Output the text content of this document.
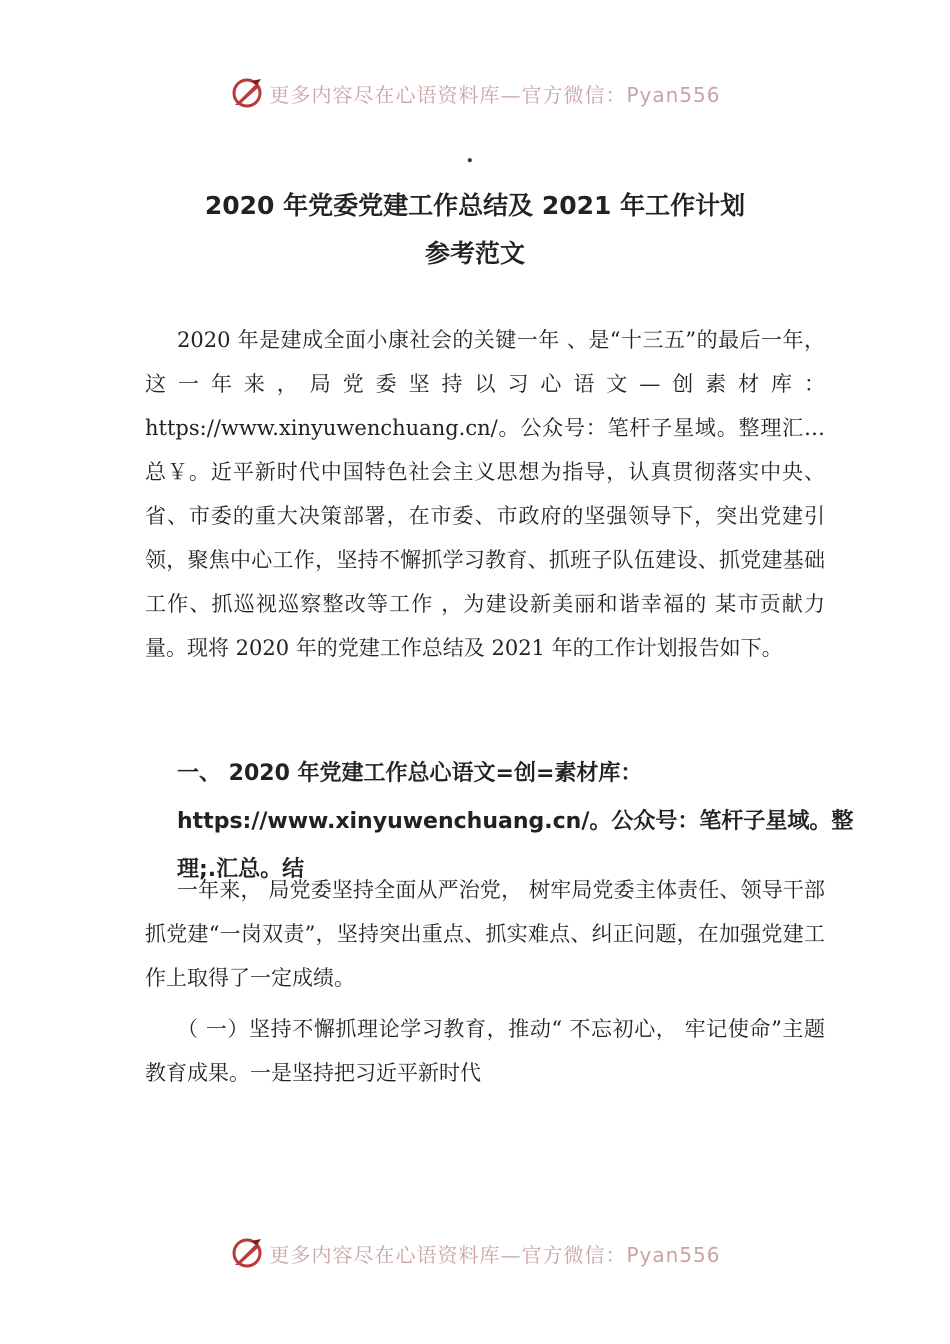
更多内容尽在心语资料库—官方微信：Pyan556
.
2020 年党委党建工作总结及 2021 年工作计划
参考范文

2020 年是建成全面小康社会的关键一年 、是“十三五”的最后一年，这一年来，局党委坚持以习心语文—创素材库：https://www.xinyuwenchuang.cn/。公众号：笔杆子星域。整理汇…总￥。近平新时代中国特色社会主义思想为指导，认真贯彻落实中央、省、市委的重大决策部署，在市委、市政府的坚强领导下，突出党建引领，聚焦中心工作，坚持不懈抓学习教育、抓班子队伍建设、抓党建基础工作、抓巡视巡察整改等工作 ，为建设新美丽和谐幸福的 某市贡献力量。现将 2020 年的党建工作总结及 2021 年的工作计划报告如下。

一、 2020 年党建工作总心语文=创=素材库：https://www.xinyuwenchuang.cn/。公众号：笔杆子星域。整理;.汇总。结

一年来， 局党委坚持全面从严治党， 树牢局党委主体责任、领导干部抓党建“一岗双责”，坚持突出重点、抓实难点、纠正问题，在加强党建工作上取得了一定成绩。

（ 一）坚持不懈抓理论学习教育，推动“ 不忘初心， 牢记使命”主题教育成果。一是坚持把习近平新时代

更多内容尽在心语资料库—官方微信：Pyan556
